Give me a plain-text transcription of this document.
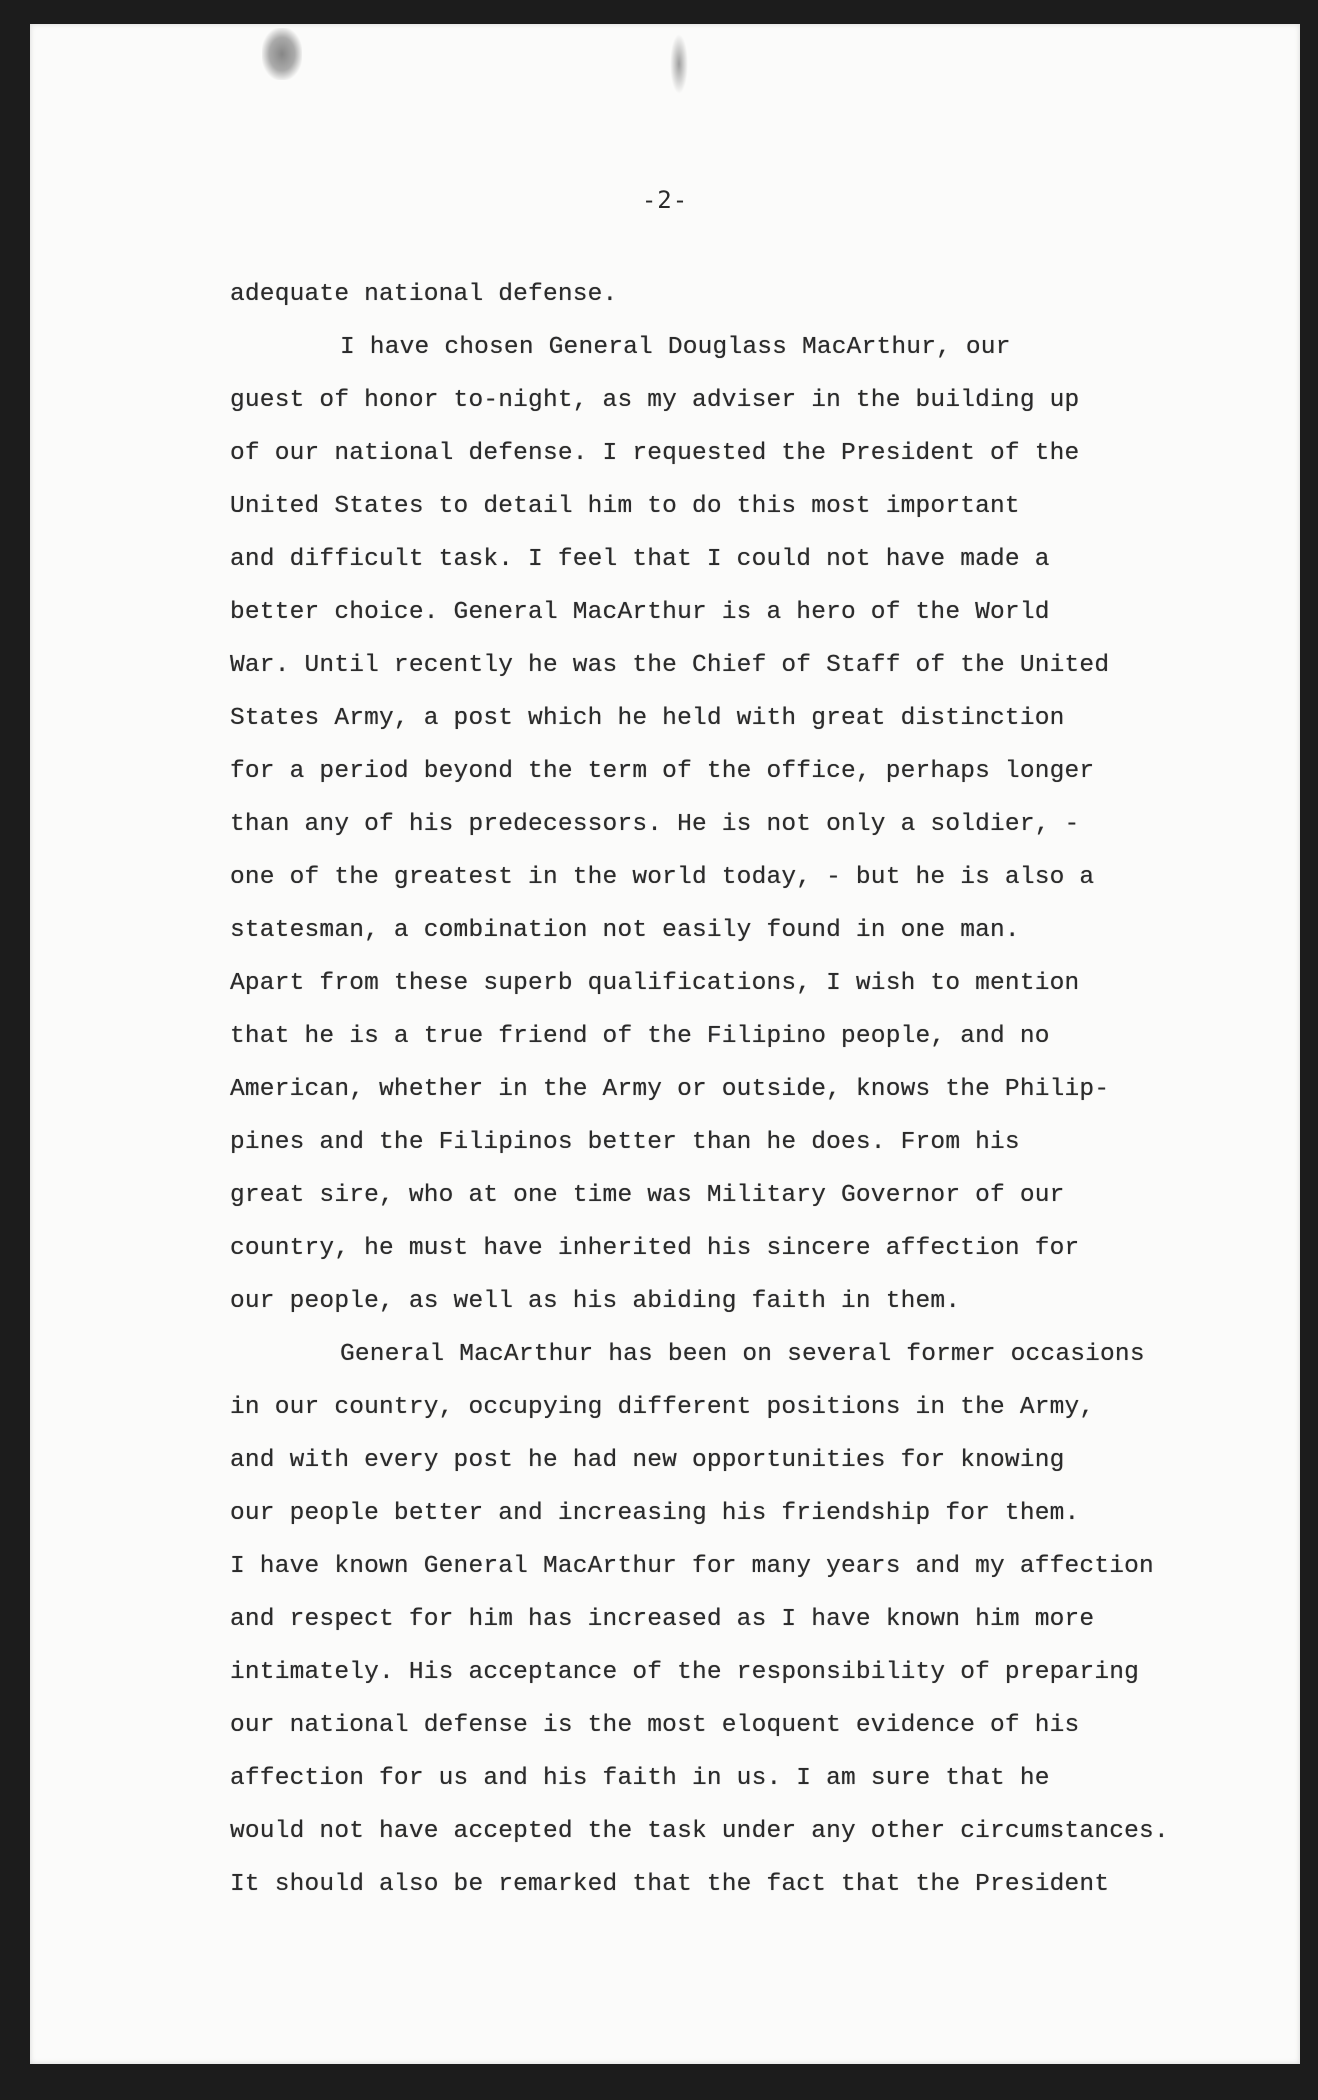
-2-
adequate national defense.
I have chosen General Douglass MacArthur, our
guest of honor to-night, as my adviser in the building up
of our national defense. I requested the President of the
United States to detail him to do this most important
and difficult task. I feel that I could not have made a
better choice. General MacArthur is a hero of the World
War. Until recently he was the Chief of Staff of the United
States Army, a post which he held with great distinction
for a period beyond the term of the office, perhaps longer
than any of his predecessors. He is not only a soldier, -
one of the greatest in the world today, - but he is also a
statesman, a combination not easily found in one man.
Apart from these superb qualifications, I wish to mention
that he is a true friend of the Filipino people, and no
American, whether in the Army or outside, knows the Philip-
pines and the Filipinos better than he does. From his
great sire, who at one time was Military Governor of our
country, he must have inherited his sincere affection for
our people, as well as his abiding faith in them.
General MacArthur has been on several former occasions
in our country, occupying different positions in the Army,
and with every post he had new opportunities for knowing
our people better and increasing his friendship for them.
I have known General MacArthur for many years and my affection
and respect for him has increased as I have known him more
intimately. His acceptance of the responsibility of preparing
our national defense is the most eloquent evidence of his
affection for us and his faith in us. I am sure that he
would not have accepted the task under any other circumstances.
It should also be remarked that the fact that the President
